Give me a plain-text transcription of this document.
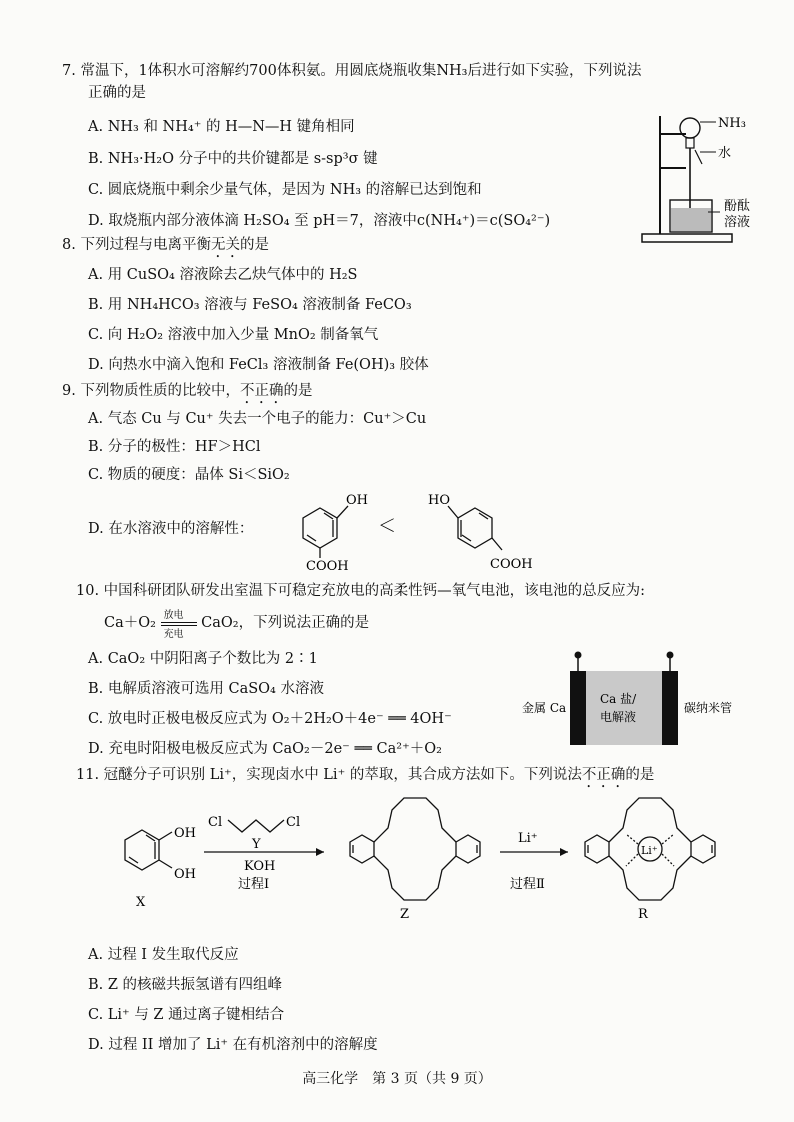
7. 常温下，1体积水可溶解约700体积氨。用圆底烧瓶收集NH₃后进行如下实验，下列说法
正确的是
A. NH₃ 和 NH₄⁺ 的 H—N—H 键角相同
B. NH₃·H₂O 分子中的共价键都是 s-sp³σ 键
C. 圆底烧瓶中剩余少量气体，是因为 NH₃ 的溶解已达到饱和
D. 取烧瓶内部分液体滴 H₂SO₄ 至 pH＝7，溶液中c(NH₄⁺)＝c(SO₄²⁻)
NH₃
水
酚酞
溶液
8. 下列过程与电离平衡无关的是
A. 用 CuSO₄ 溶液除去乙炔气体中的 H₂S
B. 用 NH₄HCO₃ 溶液与 FeSO₄ 溶液制备 FeCO₃
C. 向 H₂O₂ 溶液中加入少量 MnO₂ 制备氧气
D. 向热水中滴入饱和 FeCl₃ 溶液制备 Fe(OH)₃ 胶体
9. 下列物质性质的比较中，不正确的是
A. 气态 Cu 与 Cu⁺ 失去一个电子的能力：Cu⁺＞Cu
B. 分子的极性：HF＞HCl
C. 物质的硬度：晶体 Si＜SiO₂
D. 在水溶液中的溶解性：
OH
COOH
＜
HO
COOH
10. 中国科研团队研发出室温下可稳定充放电的高柔性钙—氧气电池，该电池的总反应为:
Ca＋O₂ 放电
充电
CaO₂，下列说法正确的是
A. CaO₂ 中阴阳离子个数比为 2∶1
B. 电解质溶液可选用 CaSO₄ 水溶液
C. 放电时正极电极反应式为 O₂＋2H₂O＋4e⁻ ══ 4OH⁻
D. 充电时阳极电极反应式为 CaO₂－2e⁻ ══ Ca²⁺＋O₂
金属 Ca
Ca 盐/
电解液
碳纳米管
11. 冠醚分子可识别 Li⁺，实现卤水中 Li⁺ 的萃取，其合成方法如下。下列说法不正确的是
OH
OH
X
Cl	Cl
Y
KOH
过程Ⅰ
Z
Li⁺
过程Ⅱ
Li⁺
R
A. 过程 I 发生取代反应
B. Z 的核磁共振氢谱有四组峰
C. Li⁺ 与 Z 通过离子键相结合
D. 过程 II 增加了 Li⁺ 在有机溶剂中的溶解度
高三化学　第 3 页（共 9 页）
